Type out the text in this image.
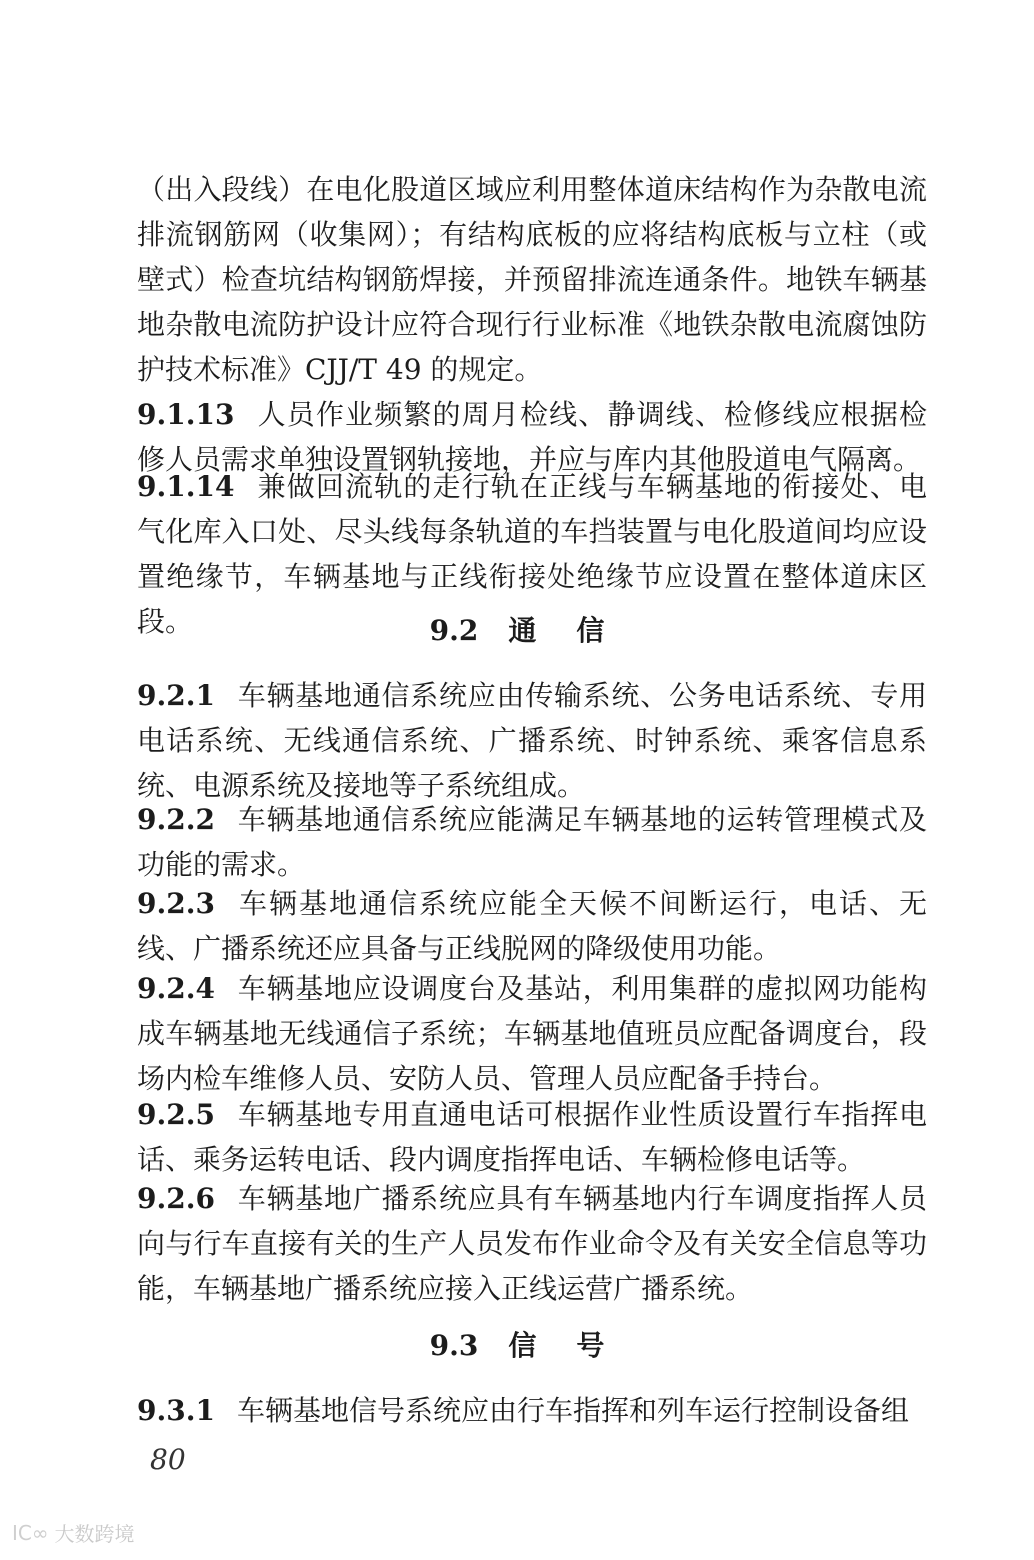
（出入段线）在电化股道区域应利用整体道床结构作为杂散电流排流钢筋网（收集网）；有结构底板的应将结构底板与立柱（或壁式）检查坑结构钢筋焊接，并预留排流连通条件。地铁车辆基地杂散电流防护设计应符合现行行业标准《地铁杂散电流腐蚀防护技术标准》CJJ/T 49 的规定。

9.1.13 人员作业频繁的周月检线、静调线、检修线应根据检修人员需求单独设置钢轨接地，并应与库内其他股道电气隔离。

9.1.14 兼做回流轨的走行轨在正线与车辆基地的衔接处、电气化库入口处、尽头线每条轨道的车挡装置与电化股道间均应设置绝缘节，车辆基地与正线衔接处绝缘节应设置在整体道床区段。	9.2 通信

9.2.1 车辆基地通信系统应由传输系统、公务电话系统、专用电话系统、无线通信系统、广播系统、时钟系统、乘客信息系统、电源系统及接地等子系统组成。

9.2.2 车辆基地通信系统应能满足车辆基地的运转管理模式及功能的需求。

9.2.3 车辆基地通信系统应能全天候不间断运行，电话、无线、广播系统还应具备与正线脱网的降级使用功能。

9.2.4 车辆基地应设调度台及基站，利用集群的虚拟网功能构成车辆基地无线通信子系统；车辆基地值班员应配备调度台，段场内检车维修人员、安防人员、管理人员应配备手持台。

9.2.5 车辆基地专用直通电话可根据作业性质设置行车指挥电话、乘务运转电话、段内调度指挥电话、车辆检修电话等。

9.2.6 车辆基地广播系统应具有车辆基地内行车调度指挥人员向与行车直接有关的生产人员发布作业命令及有关安全信息等功能，车辆基地广播系统应接入正线运营广播系统。

9.3 信号

9.3.1 车辆基地信号系统应由行车指挥和列车运行控制设备组

80
IC∞ 大数跨境
